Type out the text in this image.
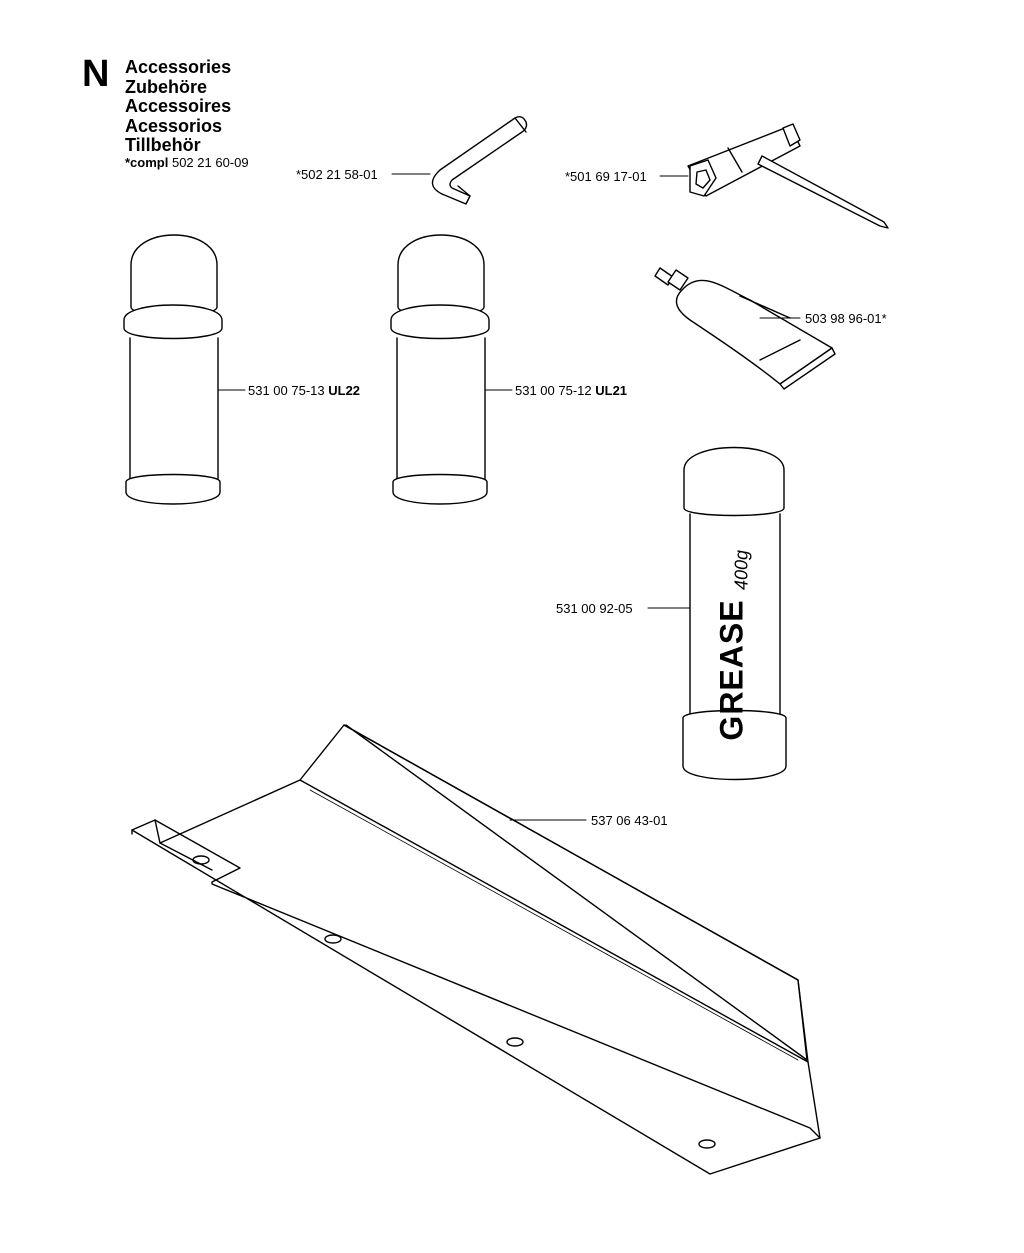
N Accessories
Zubehöre
Accessoires
Acessorios
Tillbehör
*compl 502 21 60-09
GREASE
400g
*502 21 58-01	*501 69 17-01
531 00 75-13 UL22	531 00 75-12 UL21
503 98 96-01*
531 00 92-05
537 06 43-01
